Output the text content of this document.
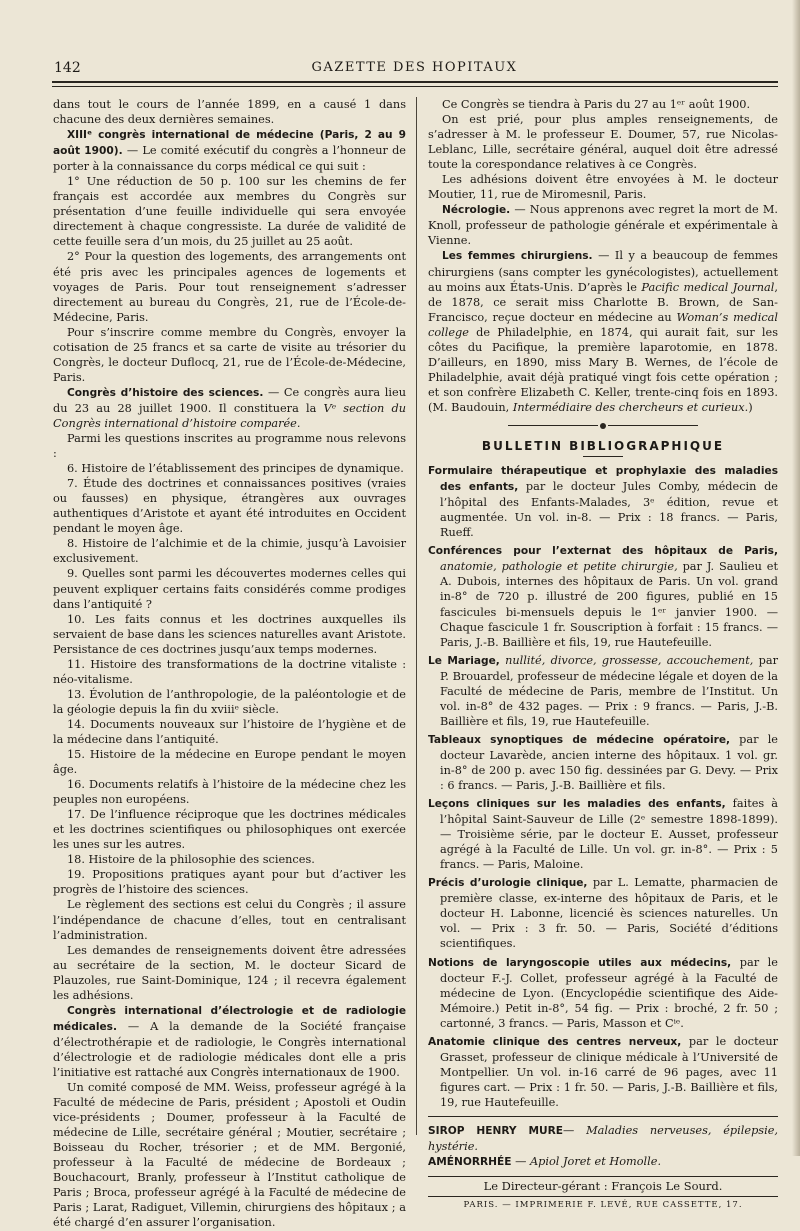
142	GAZETTE DES HOPITAUX

dans tout le cours de l’année 1899, en a causé 1 dans chacune des deux dernières semaines.

XIIIᵉ congrès international de médecine (Paris, 2 au 9 août 1900). — Le comité exécutif du congrès a l’honneur de porter à la connaissance du corps médical ce qui suit :

1° Une réduction de 50 p. 100 sur les chemins de fer français est accordée aux membres du Congrès sur présentation d’une feuille individuelle qui sera envoyée directement à chaque congressiste. La durée de validité de cette feuille sera d’un mois, du 25 juillet au 25 août.

2° Pour la question des logements, des arrangements ont été pris avec les principales agences de logements et voyages de Paris. Pour tout renseignement s’adresser directement au bureau du Congrès, 21, rue de l’École-de-Médecine, Paris.

Pour s’inscrire comme membre du Congrès, envoyer la cotisation de 25 francs et sa carte de visite au trésorier du Congrès, le docteur Duflocq, 21, rue de l’École-de-Médecine, Paris.

Congrès d’histoire des sciences. — Ce congrès aura lieu du 23 au 28 juillet 1900. Il constituera la Vᵉ section du Congrès international d’histoire comparée.

Parmi les questions inscrites au programme nous relevons :

6. Histoire de l’établissement des principes de dynamique.

7. Étude des doctrines et connaissances positives (vraies ou fausses) en physique, étrangères aux ouvrages authentiques d’Aristote et ayant été introduites en Occident pendant le moyen âge.

8. Histoire de l’alchimie et de la chimie, jusqu’à Lavoisier exclusivement.

9. Quelles sont parmi les découvertes modernes celles qui peuvent expliquer certains faits considérés comme prodiges dans l’antiquité ?

10. Les faits connus et les doctrines auxquelles ils servaient de base dans les sciences naturelles avant Aristote. Persistance de ces doctrines jusqu’aux temps modernes.

11. Histoire des transformations de la doctrine vitaliste : néo-vitalisme.

13. Évolution de l’anthropologie, de la paléontologie et de la géologie depuis la fin du xviiiᵉ siècle.

14. Documents nouveaux sur l’histoire de l’hygiène et de la médecine dans l’antiquité.

15. Histoire de la médecine en Europe pendant le moyen âge.

16. Documents relatifs à l’histoire de la médecine chez les peuples non européens.

17. De l’influence réciproque que les doctrines médicales et les doctrines scientifiques ou philosophiques ont exercée les unes sur les autres.

18. Histoire de la philosophie des sciences.

19. Propositions pratiques ayant pour but d’activer les progrès de l’histoire des sciences.

Le règlement des sections est celui du Congrès ; il assure l’indépendance de chacune d’elles, tout en centralisant l’administration.

Les demandes de renseignements doivent être adressées au secrétaire de la section, M. le docteur Sicard de Plauzoles, rue Saint-Dominique, 124 ; il recevra également les adhésions.

Congrès international d’électrologie et de radiologie médicales. — A la demande de la Société française d’électrothérapie et de radiologie, le Congrès international d’électrologie et de radiologie médicales dont elle a pris l’initiative est rattaché aux Congrès internationaux de 1900.

Un comité composé de MM. Weiss, professeur agrégé à la Faculté de médecine de Paris, président ; Apostoli et Oudin vice-présidents ; Doumer, professeur à la Faculté de médecine de Lille, secrétaire général ; Moutier, secrétaire ; Boisseau du Rocher, trésorier ; et de MM. Bergonié, professeur à la Faculté de médecine de Bordeaux ; Bouchacourt, Branly, professeur à l’Institut catholique de Paris ; Broca, professeur agrégé à la Faculté de médecine de Paris ; Larat, Radiguet, Villemin, chirurgiens des hôpitaux ; a été chargé d’en assurer l’organisation.

Ce Congrès se tiendra à Paris du 27 au 1ᵉʳ août 1900.

On est prié, pour plus amples renseignements, de s’adresser à M. le professeur E. Doumer, 57, rue Nicolas-Leblanc, Lille, secrétaire général, auquel doit être adressé toute la corespondance relatives à ce Congrès.

Les adhésions doivent être envoyées à M. le docteur Moutier, 11, rue de Miromesnil, Paris.

Nécrologie. — Nous apprenons avec regret la mort de M. Knoll, professeur de pathologie générale et expérimentale à Vienne.

Les femmes chirurgiens. — Il y a beaucoup de femmes chirurgiens (sans compter les gynécologistes), actuellement au moins aux États-Unis. D’après le Pacific medical Journal, de 1878, ce serait miss Charlotte B. Brown, de San-Francisco, reçue docteur en médecine au Woman’s medical college de Philadelphie, en 1874, qui aurait fait, sur les côtes du Pacifique, la première laparotomie, en 1878. D’ailleurs, en 1890, miss Mary B. Wernes, de l’école de Philadelphie, avait déjà pratiqué vingt fois cette opération ; et son confrère Elizabeth C. Keller, trente-cinq fois en 1893. (M. Baudouin, Intermédiaire des chercheurs et curieux.)

BULLETIN BIBLIOGRAPHIQUE

Formulaire thérapeutique et prophylaxie des maladies des enfants, par le docteur Jules Comby, médecin de l’hôpital des Enfants-Malades, 3ᵉ édition, revue et augmentée. Un vol. in-8. — Prix : 18 francs. — Paris, Rueff.

Conférences pour l’externat des hôpitaux de Paris, anatomie, pathologie et petite chirurgie, par J. Saulieu et A. Dubois, internes des hôpitaux de Paris. Un vol. grand in-8° de 720 p. illustré de 200 figures, publié en 15 fascicules bi-mensuels depuis le 1ᵉʳ janvier 1900. — Chaque fascicule 1 fr. Souscription à forfait : 15 francs. — Paris, J.-B. Baillière et fils, 19, rue Hautefeuille.

Le Mariage, nullité, divorce, grossesse, accouchement, par P. Brouardel, professeur de médecine légale et doyen de la Faculté de médecine de Paris, membre de l’Institut. Un vol. in-8° de 432 pages. — Prix : 9 francs. — Paris, J.-B. Baillière et fils, 19, rue Hautefeuille.

Tableaux synoptiques de médecine opératoire, par le docteur Lavarède, ancien interne des hôpitaux. 1 vol. gr. in-8° de 200 p. avec 150 fig. dessinées par G. Devy. — Prix : 6 francs. — Paris, J.-B. Baillière et fils.

Leçons cliniques sur les maladies des enfants, faites à l’hôpital Saint-Sauveur de Lille (2ᵉ semestre 1898-1899). — Troisième série, par le docteur E. Ausset, professeur agrégé à la Faculté de Lille. Un vol. gr. in-8°. — Prix : 5 francs. — Paris, Maloine.

Précis d’urologie clinique, par L. Lematte, pharmacien de première classe, ex-interne des hôpitaux de Paris, et le docteur H. Labonne, licencié ès sciences naturelles. Un vol. — Prix : 3 fr. 50. — Paris, Société d’éditions scientifiques.

Notions de laryngoscopie utiles aux médecins, par le docteur F.-J. Collet, professeur agrégé à la Faculté de médecine de Lyon. (Encyclopédie scientifique des Aide-Mémoire.) Petit in-8°, 54 fig. — Prix : broché, 2 fr. 50 ; cartonné, 3 francs. — Paris, Masson et Cⁱᵉ.

Anatomie clinique des centres nerveux, par le docteur Grasset, professeur de clinique médicale à l’Université de Montpellier. Un vol. in-16 carré de 96 pages, avec 11 figures cart. — Prix : 1 fr. 50. — Paris, J.-B. Baillière et fils, 19, rue Hautefeuille.

SIROP HENRY MURE— Maladies nerveuses, épilepsie, hystérie.

AMÉNORRHÉE — Apiol Joret et Homolle.

Le Directeur-gérant : François Le Sourd.

PARIS. — IMPRIMERIE F. LEVÉ, RUE CASSETTE, 17.
